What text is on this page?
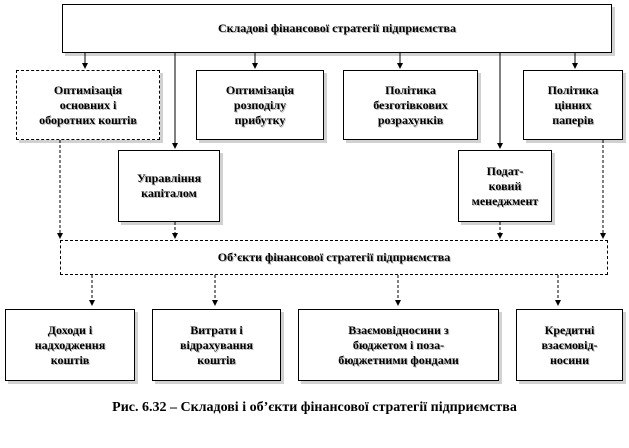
Складові фінансової стратегії підприємства
Оптимізація
основних і
оборотних коштів
Оптимізація
розподілу
прибутку
Політика
безготівкових
розрахунків
Політика
цінних
паперів
Управління
капіталом
Подат-
ковий
менеджмент
Об’єкти фінансової стратегії підприємства
Доходи і
надходження
коштів
Витрати і
відрахування
коштів
Взаємовідносини з
бюджетом і поза-
бюджетними фондами
Кредитні
взаємовід-
носини
Рис. 6.32 – Складові і об’єкти фінансової стратегії підприємства
